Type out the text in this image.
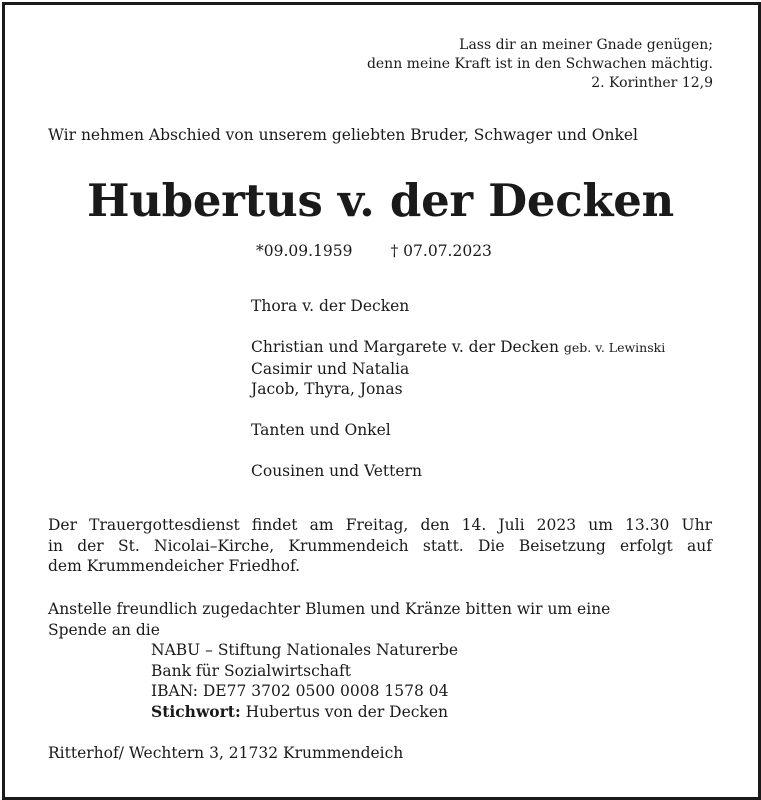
Lass dir an meiner Gnade genügen;
denn meine Kraft ist in den Schwachen mächtig.
2. Korinther 12,9
Wir nehmen Abschied von unserem geliebten Bruder, Schwager und Onkel
Hubertus v. der Decken
*09.09.1959 † 07.07.2023
Thora v. der Decken
Christian und Margarete v. der Decken geb. v. Lewinski
Casimir und Natalia
Jacob, Thyra, Jonas
Tanten und Onkel
Cousinen und Vettern
Der Trauergottesdienst findet am Freitag, den 14. Juli 2023 um 13.30 Uhr
in der St. Nicolai–Kirche, Krummendeich statt. Die Beisetzung erfolgt auf
dem Krummendeicher Friedhof.
Anstelle freundlich zugedachter Blumen und Kränze bitten wir um eine
Spende an die
NABU – Stiftung Nationales Naturerbe
Bank für Sozialwirtschaft
IBAN: DE77 3702 0500 0008 1578 04
Stichwort: Hubertus von der Decken
Ritterhof/ Wechtern 3, 21732 Krummendeich
